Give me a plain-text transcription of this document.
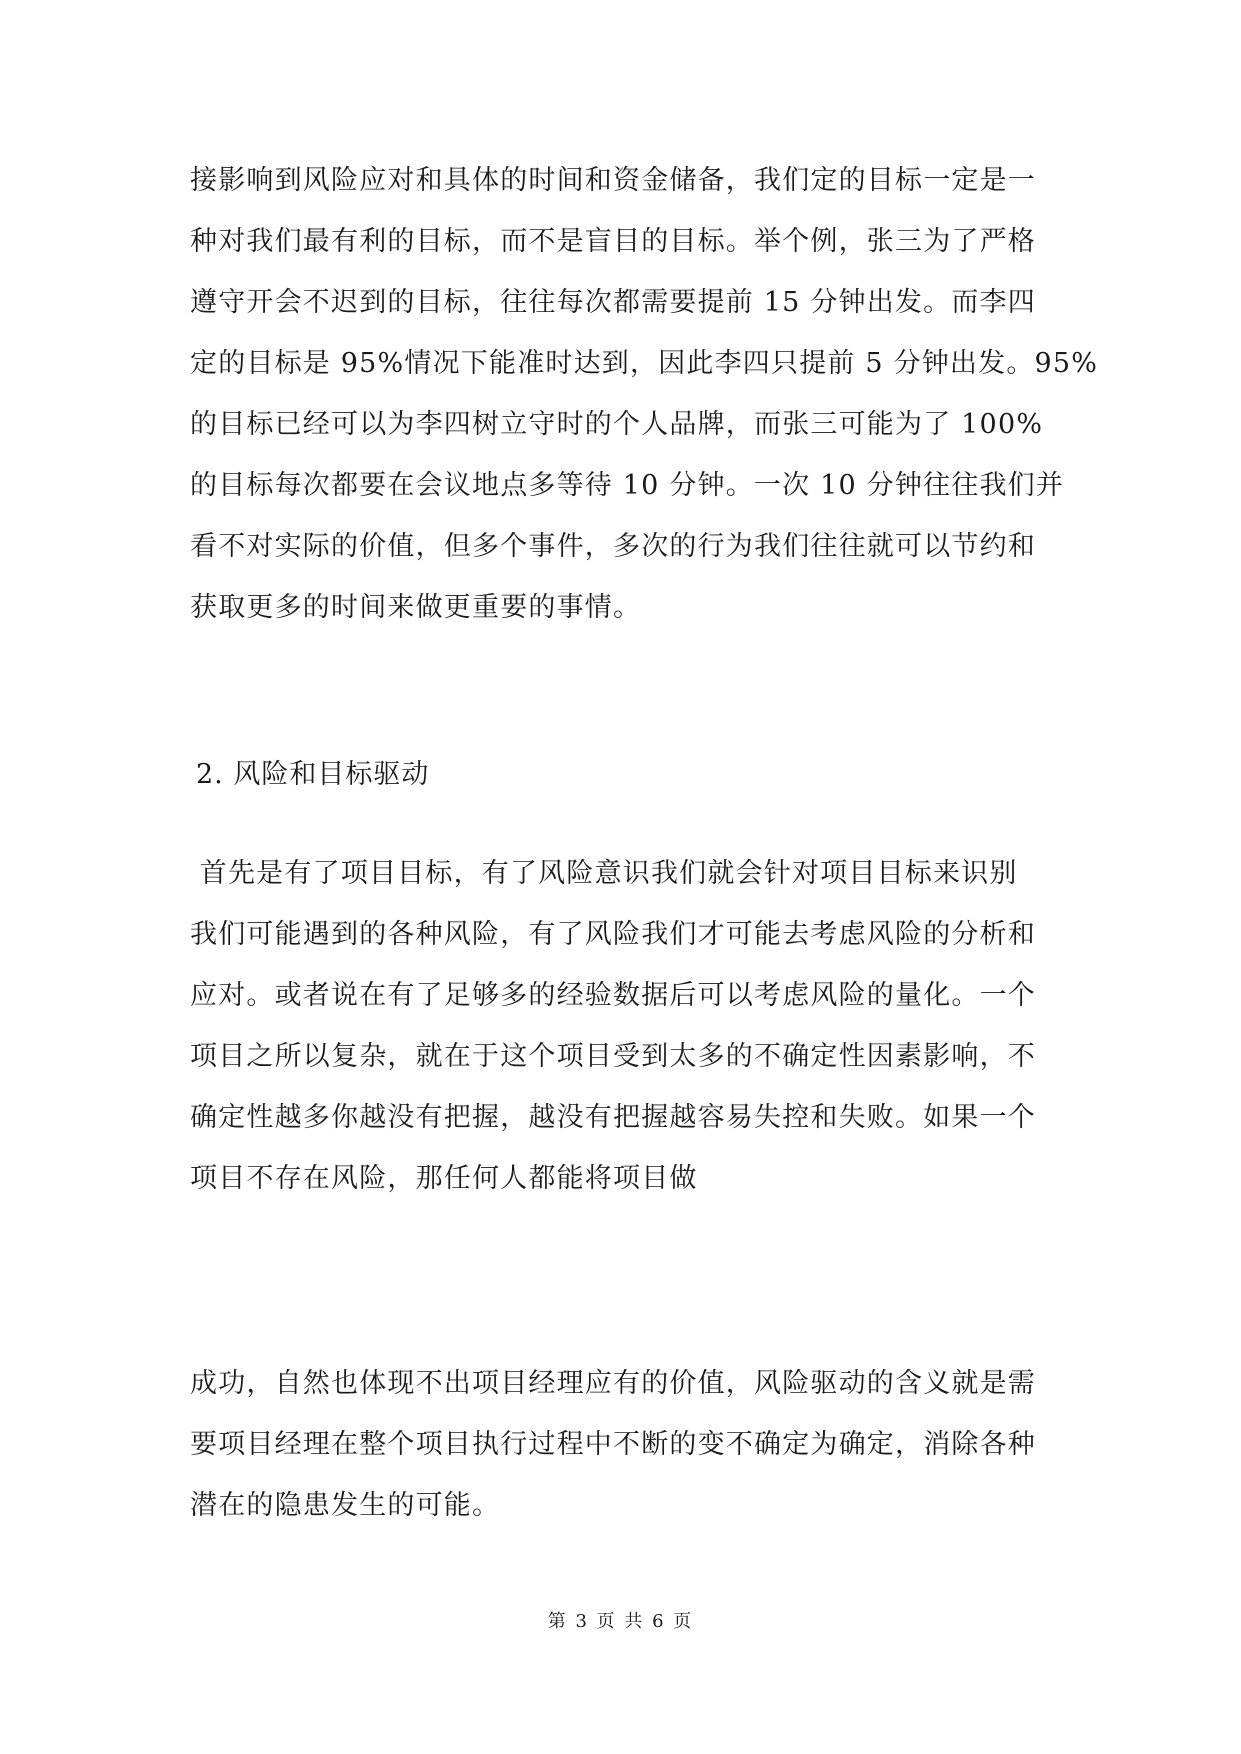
接影响到风险应对和具体的时间和资金储备，我们定的目标一定是一
种对我们最有利的目标，而不是盲目的目标。举个例，张三为了严格
遵守开会不迟到的目标，往往每次都需要提前 15 分钟出发。而李四
定的目标是 95%情况下能准时达到，因此李四只提前 5 分钟出发。95%
的目标已经可以为李四树立守时的个人品牌，而张三可能为了 100%
的目标每次都要在会议地点多等待 10 分钟。一次 10 分钟往往我们并
看不对实际的价值，但多个事件，多次的行为我们往往就可以节约和
获取更多的时间来做更重要的事情。
2. 风险和目标驱动
首先是有了项目目标，有了风险意识我们就会针对项目目标来识别
我们可能遇到的各种风险，有了风险我们才可能去考虑风险的分析和
应对。或者说在有了足够多的经验数据后可以考虑风险的量化。一个
项目之所以复杂，就在于这个项目受到太多的不确定性因素影响，不
确定性越多你越没有把握，越没有把握越容易失控和失败。如果一个
项目不存在风险，那任何人都能将项目做
成功，自然也体现不出项目经理应有的价值，风险驱动的含义就是需
要项目经理在整个项目执行过程中不断的变不确定为确定，消除各种
潜在的隐患发生的可能。
第 3 页 共 6 页
